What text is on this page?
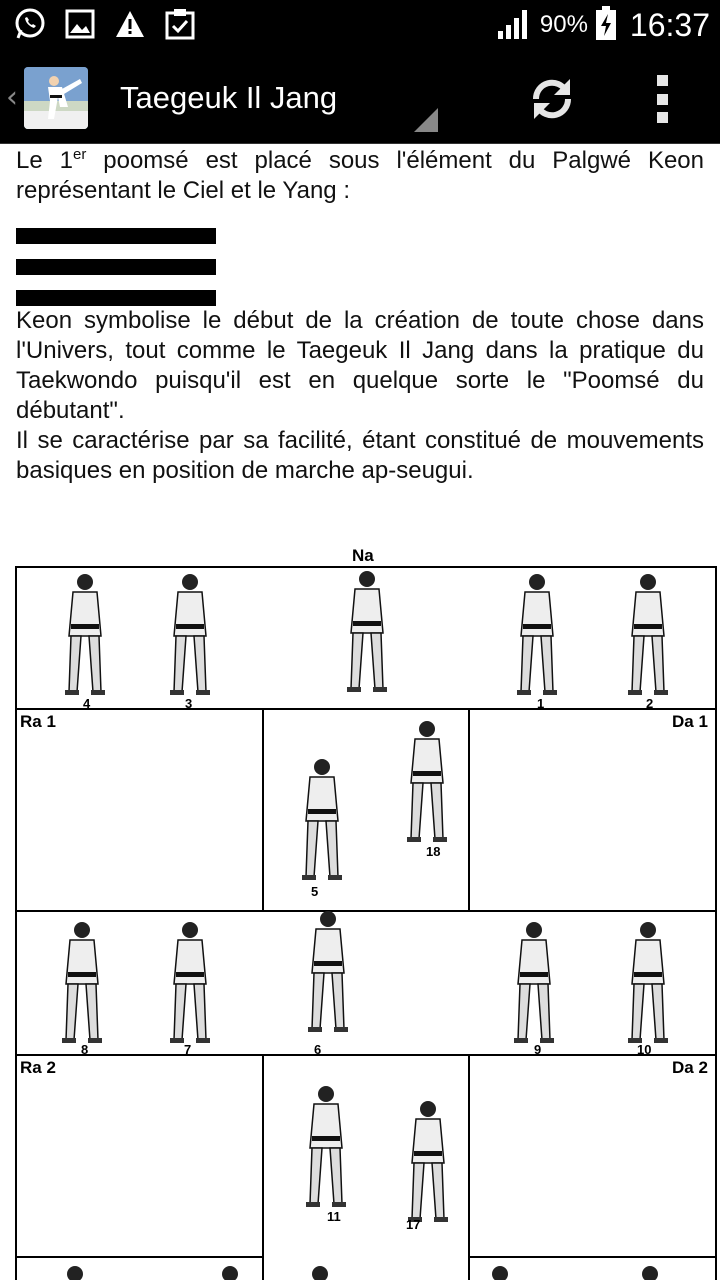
90% 16:37
‹	Taegeuk Il Jang

Le 1er poomsé est placé sous l'élément du Palgwé Keon représentant le Ciel et le Yang :

Keon symbolise le début de la création de toute chose dans l'Univers, tout comme le Taegeuk Il Jang dans la pratique du Taekwondo puisqu'il est en quelque sorte le "Poomsé du débutant".

Il se caractérise par sa facilité, étant constitué de mouvements basiques en position de marche ap-seugui.

Na
Ra 1	Da 1
Ra 2	Da 2
4	3	1	2
18
5
8	7	6	9	10
11
17
